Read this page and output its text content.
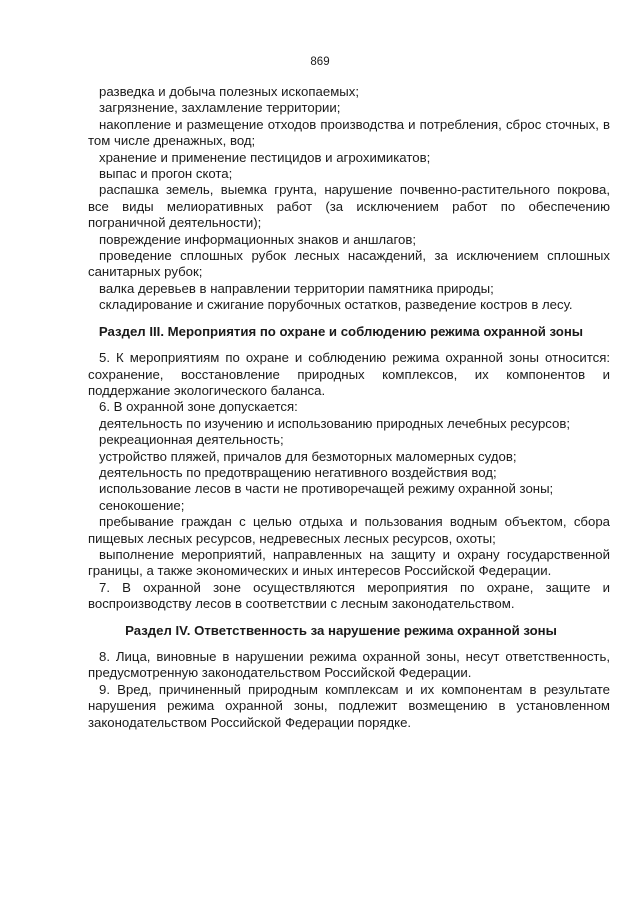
869

разведка и добыча полезных ископаемых;

загрязнение, захламление территории;

накопление и размещение отходов производства и потребления, сброс сточных, в том числе дренажных, вод;

хранение и применение пестицидов и агрохимикатов;

выпас и прогон скота;

распашка земель, выемка грунта, нарушение почвенно-растительного покрова, все виды мелиоративных работ (за исключением работ по обеспечению пограничной деятельности);

повреждение информационных знаков и аншлагов;

проведение сплошных рубок лесных насаждений, за исключением сплошных санитарных рубок;

валка деревьев в направлении территории памятника природы;

складирование и сжигание порубочных остатков, разведение костров в лесу.

Раздел III. Мероприятия по охране и соблюдению режима охранной зоны

5. К мероприятиям по охране и соблюдению режима охранной зоны относится: сохранение, восстановление природных комплексов, их компонентов и поддержание экологического баланса.

6. В охранной зоне допускается:

деятельность по изучению и использованию природных лечебных ресурсов;

рекреационная деятельность;

устройство пляжей, причалов для безмоторных маломерных судов;

деятельность по предотвращению негативного воздействия вод;

использование лесов в части не противоречащей режиму охранной зоны;

сенокошение;

пребывание граждан с целью отдыха и пользования водным объектом, сбора пищевых лесных ресурсов, недревесных лесных ресурсов, охоты;

выполнение мероприятий, направленных на защиту и охрану государственной границы, а также экономических и иных интересов Российской Федерации.

7. В охранной зоне осуществляются мероприятия по охране, защите и воспроизводству лесов в соответствии с лесным законодательством.

Раздел IV. Ответственность за нарушение режима охранной зоны

8. Лица, виновные в нарушении режима охранной зоны, несут ответственность, предусмотренную законодательством Российской Федерации.

9. Вред, причиненный природным комплексам и их компонентам в результате нарушения режима охранной зоны, подлежит возмещению в установленном законодательством Российской Федерации порядке.
